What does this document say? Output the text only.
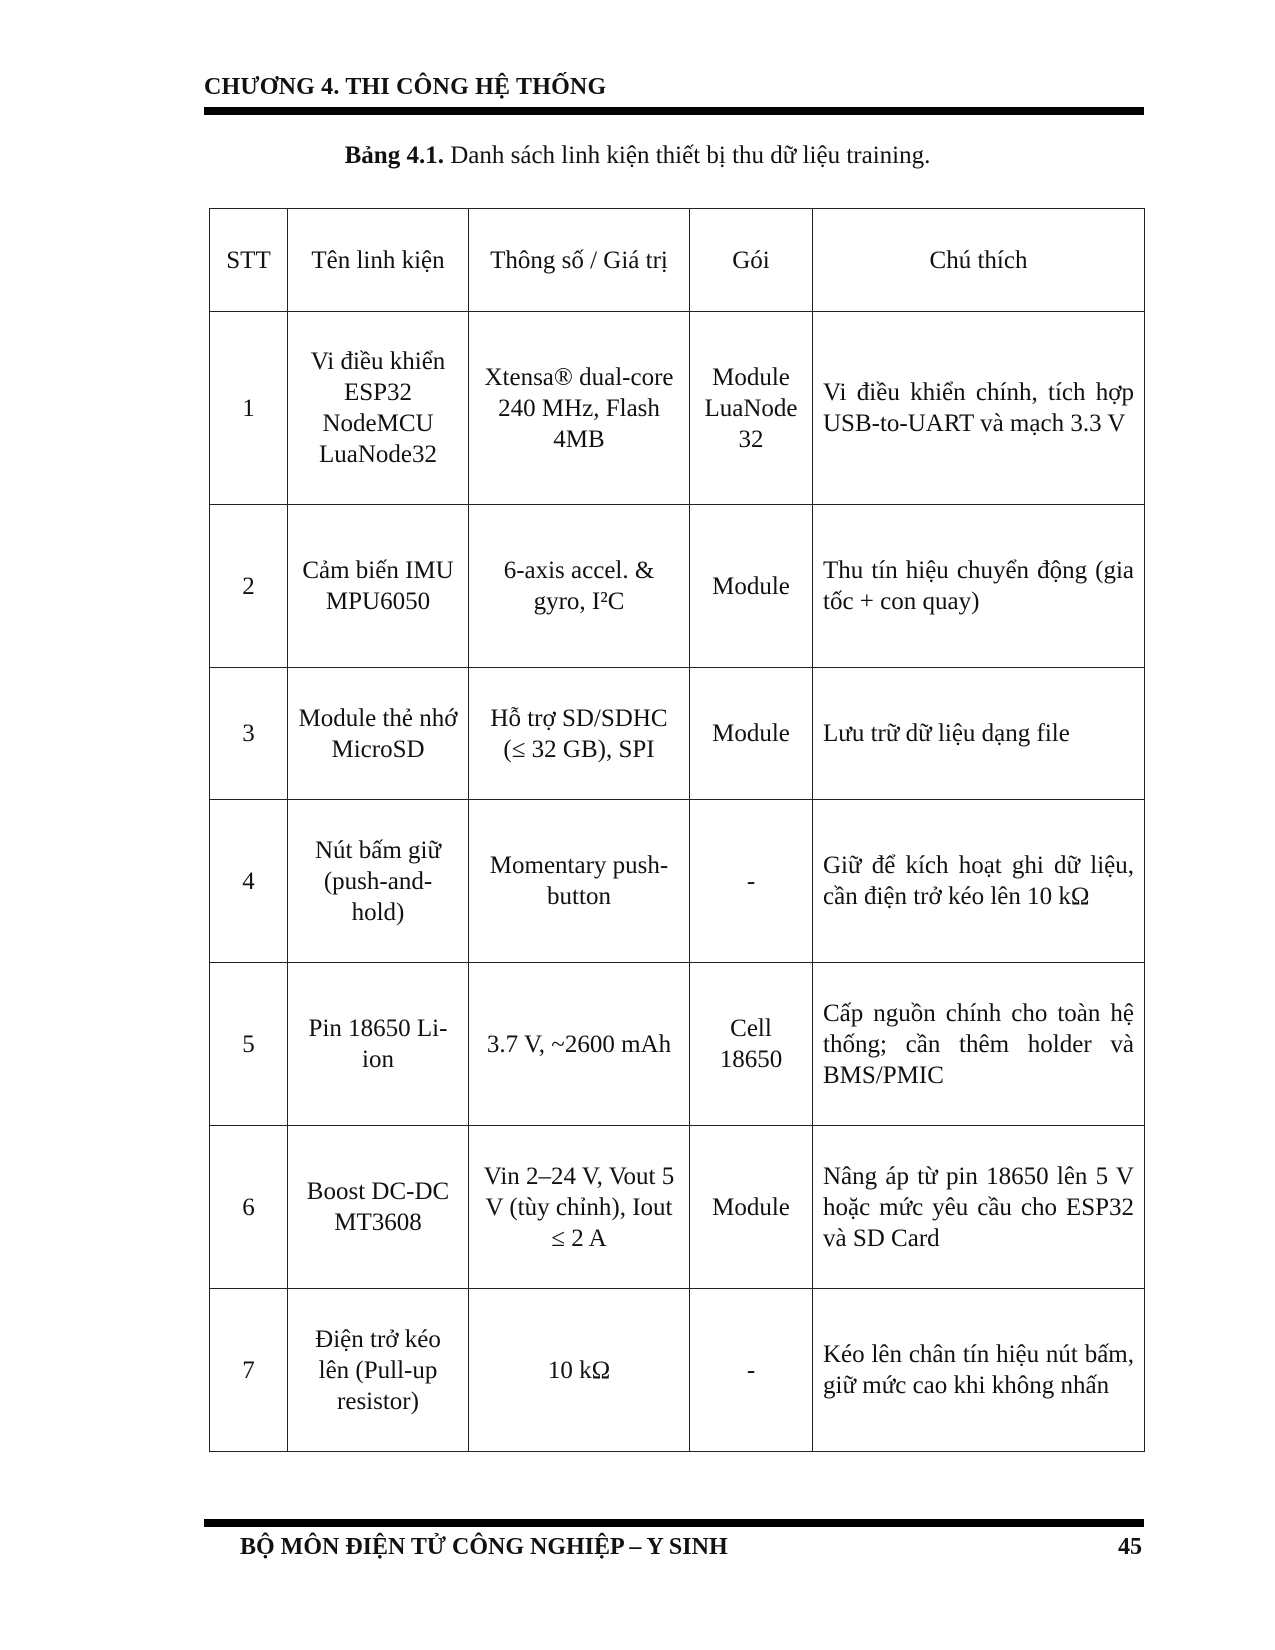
CHƯƠNG 4. THI CÔNG HỆ THỐNG
Bảng 4.1. Danh sách linh kiện thiết bị thu dữ liệu training.
STT	Tên linh kiện	Thông số / Giá trị	Gói	Chú thích
1	Vi điều khiển ESP32 NodeMCU LuaNode32	Xtensa® dual-core 240 MHz, Flash 4MB	Module LuaNode 32	Vi điều khiển chính, tích hợp USB-to-UART và mạch 3.3 V
2	Cảm biến IMU MPU6050	6-axis accel. & gyro, I²C	Module	Thu tín hiệu chuyển động (gia tốc + con quay)
3	Module thẻ nhớ MicroSD	Hỗ trợ SD/SDHC (≤ 32 GB), SPI	Module	Lưu trữ dữ liệu dạng file
4	Nút bấm giữ (push-and-hold)	Momentary push-button	-	Giữ để kích hoạt ghi dữ liệu, cần điện trở kéo lên 10 kΩ
5	Pin 18650 Li-ion	3.7 V, ~2600 mAh	Cell 18650	Cấp nguồn chính cho toàn hệ thống; cần thêm holder và BMS/PMIC
6	Boost DC-DC MT3608	Vin 2–24 V, Vout 5 V (tùy chỉnh), Iout ≤ 2 A	Module	Nâng áp từ pin 18650 lên 5 V hoặc mức yêu cầu cho ESP32 và SD Card
7	Điện trở kéo lên (Pull-up resistor)	10 kΩ	-	Kéo lên chân tín hiệu nút bấm, giữ mức cao khi không nhấn
BỘ MÔN ĐIỆN TỬ CÔNG NGHIỆP – Y SINH	45
